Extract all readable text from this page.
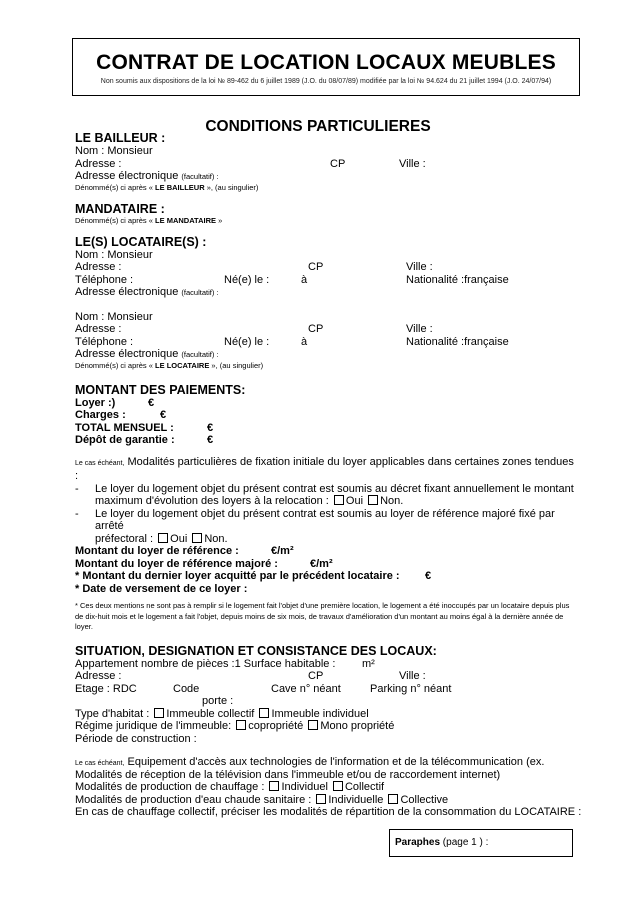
CONTRAT DE LOCATION LOCAUX MEUBLES
Non soumis aux dispositions de la loi № 89-462 du 6 juillet 1989 (J.O. du 08/07/89) modifiée par la loi № 94.624 du 21 juillet 1994 (J.O. 24/07/94)
CONDITIONS PARTICULIERES
LE BAILLEUR :
Nom : Monsieur
Adresse :	CP	Ville :
Adresse électronique (facultatif) :
Dénommé(s) ci après « LE BAILLEUR », (au singulier)
MANDATAIRE :
Dénommé(s) ci après « LE MANDATAIRE »
LE(S) LOCATAIRE(S) :
Nom : Monsieur
Adresse :	CP	Ville :
Téléphone :	Né(e) le :	à	Nationalité :française
Adresse électronique (facultatif) :
Nom : Monsieur
Adresse :	CP	Ville :
Téléphone :	Né(e) le :	à	Nationalité :française
Adresse électronique (facultatif) :
Dénommé(s) ci après « LE LOCATAIRE », (au singulier)
MONTANT DES PAIEMENTS:
Loyer :)	€
Charges :	€
TOTAL MENSUEL :	€
Dépôt de garantie :	€
Le cas échéant, Modalités particulières de fixation initiale du loyer applicables dans certaines zones tendues :
- Le loyer du logement objet du présent contrat est soumis au décret fixant annuellement le montant
maximum d'évolution des loyers à la relocation : Oui Non.
- Le loyer du logement objet du présent contrat est soumis au loyer de référence majoré fixé par arrêté
préfectoral : Oui Non.
Montant du loyer de référence :	€/m²
Montant du loyer de référence majoré :	€/m²
* Montant du dernier loyer acquitté par le précédent locataire : €
* Date de versement de ce loyer :
* Ces deux mentions ne sont pas à remplir si le logement fait l'objet d'une première location, le logement a été inoccupés par un locataire depuis plus de dix-huit mois et le logement a fait l'objet, depuis moins de six mois, de travaux d'amélioration d'un montant au moins égal à la dernière année de loyer.
SITUATION, DESIGNATION ET CONSISTANCE DES LOCAUX:
Appartement nombre de pièces :1 Surface habitable : m²
Adresse :	CP	Ville :
Etage : RDC	Code	Cave n° néant	Parking n° néant
porte :
Type d'habitat : Immeuble collectif Immeuble individuel
Régime juridique de l'immeuble: copropriété Mono propriété
Période de construction :
Le cas échéant, Equipement d'accès aux technologies de l'information et de la télécommunication (ex.
Modalités de réception de la télévision dans l'immeuble et/ou de raccordement internet)
Modalités de production de chauffage : Individuel Collectif
Modalités de production d'eau chaude sanitaire : Individuelle Collective
En cas de chauffage collectif, préciser les modalités de répartition de la consommation du LOCATAIRE :
Paraphes (page 1 ) :
